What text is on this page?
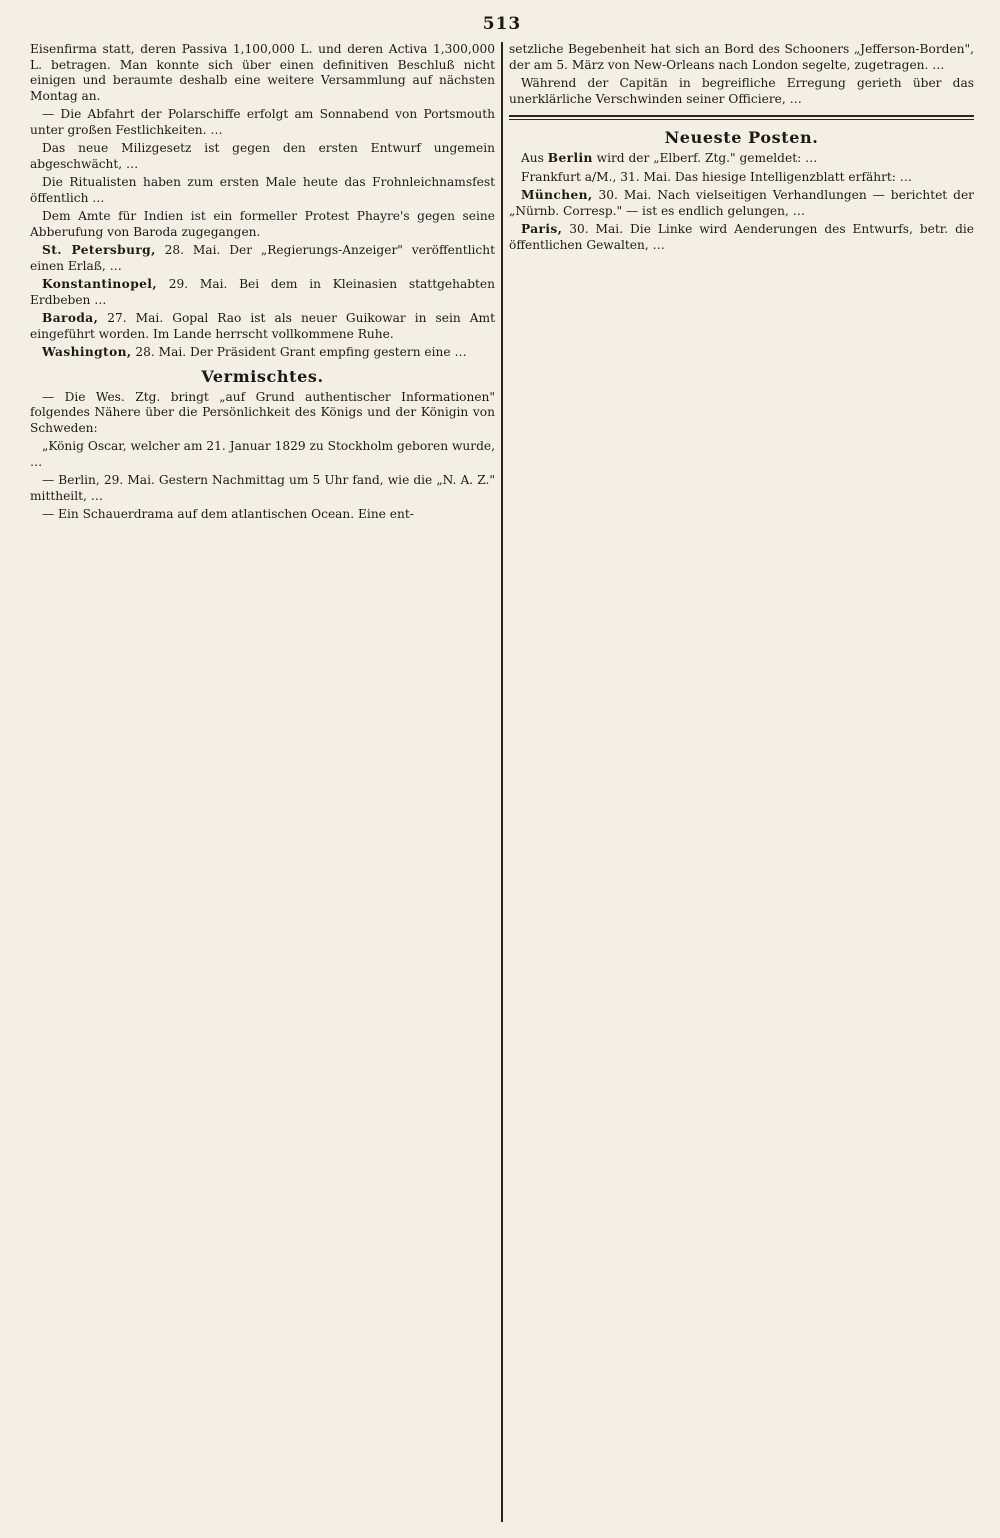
513

Eisenfirma statt, deren Passiva 1,100,000 L. und deren Activa 1,300,000 L. betragen. Man konnte sich über einen definitiven Beschluß nicht einigen und beraumte deshalb eine weitere Versammlung auf nächsten Montag an.

— Die Abfahrt der Polarschiffe erfolgt am Sonnabend von Portsmouth unter großen Festlichkeiten. …

Das neue Milizgesetz ist gegen den ersten Entwurf ungemein abgeschwächt, …

Die Ritualisten haben zum ersten Male heute das Frohnleichnamsfest öffentlich …

Dem Amte für Indien ist ein formeller Protest Phayre's gegen seine Abberufung von Baroda zugegangen.

St. Petersburg, 28. Mai. Der „Regierungs-Anzeiger" veröffentlicht einen Erlaß, …

Konstantinopel, 29. Mai. Bei dem in Kleinasien stattgehabten Erdbeben …

Baroda, 27. Mai. Gopal Rao ist als neuer Guikowar in sein Amt eingeführt worden. Im Lande herrscht vollkommene Ruhe.

Washington, 28. Mai. Der Präsident Grant empfing gestern eine …

Vermischtes.

— Die Wes. Ztg. bringt „auf Grund authentischer Informationen" folgendes Nähere über die Persönlichkeit des Königs und der Königin von Schweden:

„König Oscar, welcher am 21. Januar 1829 zu Stockholm geboren wurde, …

— Berlin, 29. Mai. Gestern Nachmittag um 5 Uhr fand, wie die „N. A. Z." mittheilt, …

— Ein Schauerdrama auf dem atlantischen Ocean. Eine ent-

setzliche Begebenheit hat sich an Bord des Schooners „Jefferson-Borden", der am 5. März von New-Orleans nach London segelte, zugetragen. …

Während der Capitän in begreifliche Erregung gerieth über das unerklärliche Verschwinden seiner Officiere, …

Neueste Posten.

Aus Berlin wird der „Elberf. Ztg." gemeldet: …

Frankfurt a/M., 31. Mai. Das hiesige Intelligenzblatt erfährt: …

München, 30. Mai. Nach vielseitigen Verhandlungen — berichtet der „Nürnb. Corresp." — ist es endlich gelungen, …

Paris, 30. Mai. Die Linke wird Aenderungen des Entwurfs, betr. die öffentlichen Gewalten, …
